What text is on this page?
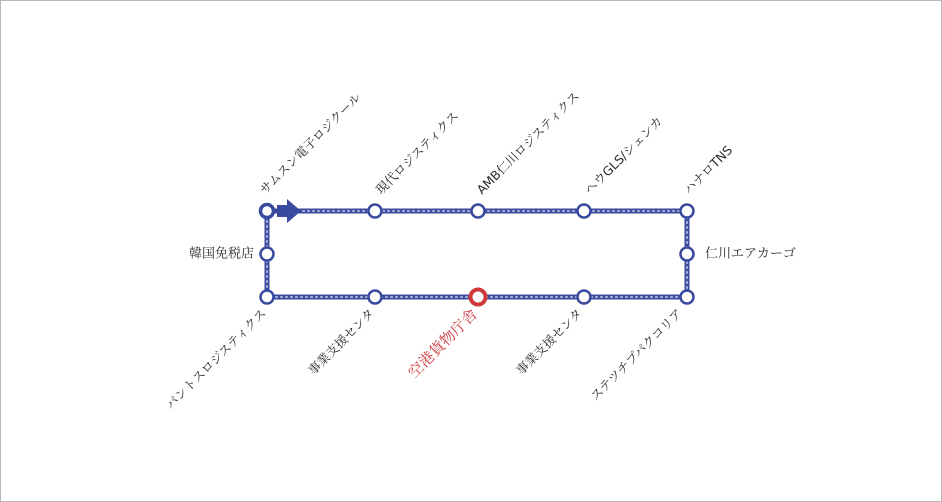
サムスン電子ロジクール 現代ロジスティクス AMB仁川ロジスティクス ヘウGLS/シェンカ ハナロTNS
韓国免税店	仁川エアカーゴ
パントスロジスティクス	事業支援センタ 空港貨物庁舎	事業支援センタ ステツチプパクコリア
